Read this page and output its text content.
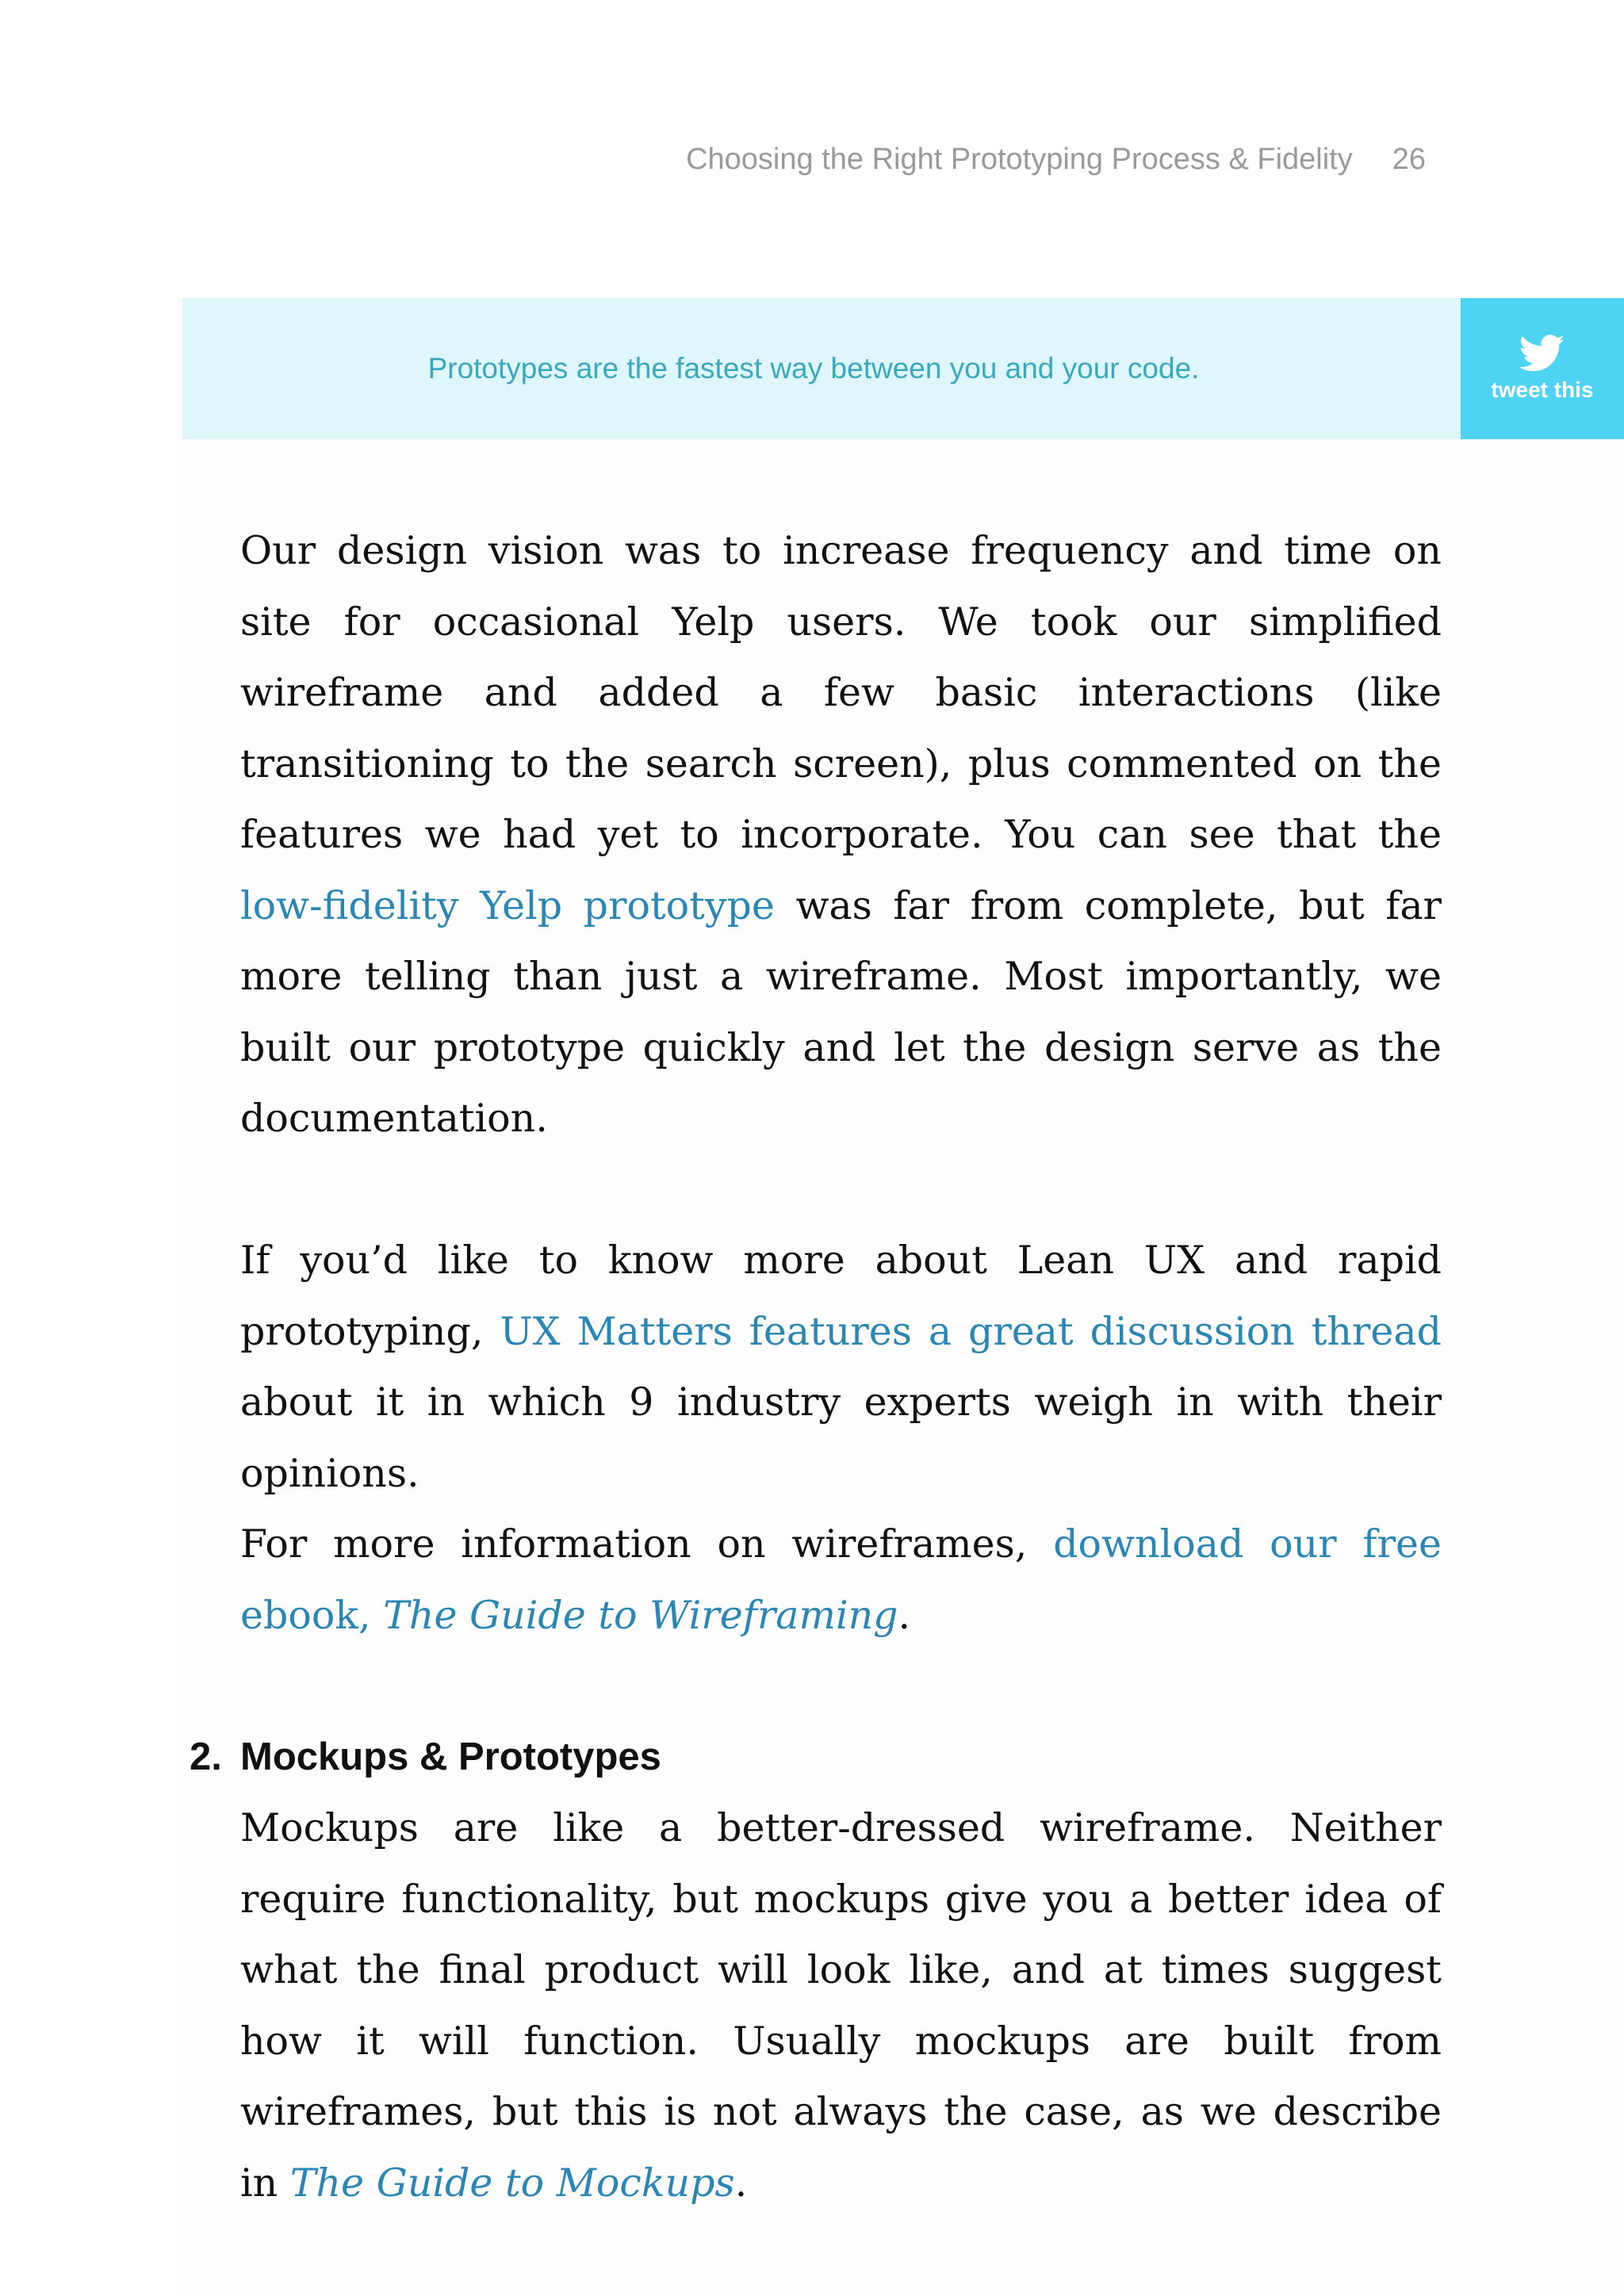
Choosing the Right Prototyping Process & Fidelity 26
Prototypes are the fastest way between you and your code.
tweet this

Our design vision was to increase frequency and time on site for occasional Yelp users. We took our simplified wireframe and added a few basic interactions (like transitioning to the search screen), plus commented on the features we had yet to incorporate. You can see that the low-fidelity Yelp prototype was far from complete, but far more telling than just a wireframe. Most importantly, we built our prototype quickly and let the design serve as the documentation.

If you’d like to know more about Lean UX and rapid prototyping, UX Matters features a great discussion thread about it in which 9 industry experts weigh in with their opinions.

For more information on wireframes, download our free ebook, The Guide to Wireframing.

2. Mockups & Prototypes

Mockups are like a better-dressed wireframe. Neither require functionality, but mockups give you a better idea of what the final product will look like, and at times suggest how it will function. Usually mockups are built from wireframes, but this is not always the case, as we describe in The Guide to Mockups.
